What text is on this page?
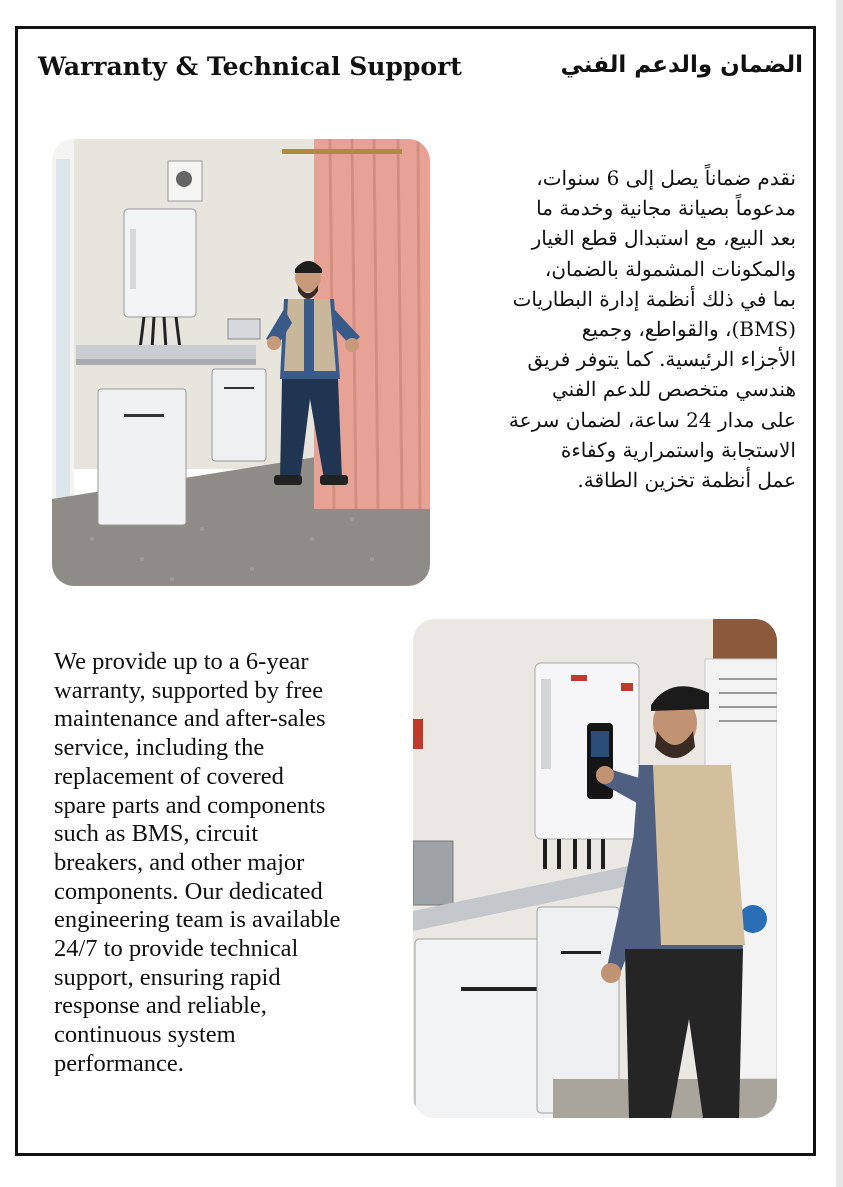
Warranty & Technical Support	الضمان والدعم الفني
نقدم ضماناً يصل إلى 6 سنوات،
مدعوماً بصيانة مجانية وخدمة ما
بعد البيع، مع استبدال قطع الغيار
والمكونات المشمولة بالضمان،
بما في ذلك أنظمة إدارة البطاريات
(BMS)، والقواطع، وجميع
الأجزاء الرئيسية. كما يتوفر فريق
هندسي متخصص للدعم الفني
على مدار 24 ساعة، لضمان سرعة
الاستجابة واستمرارية وكفاءة
عمل أنظمة تخزين الطاقة.
We provide up to a 6-year
warranty, supported by free
maintenance and after-sales
service, including the
replacement of covered
spare parts and components
such as BMS, circuit
breakers, and other major
components. Our dedicated
engineering team is available
24/7 to provide technical
support, ensuring rapid
response and reliable,
continuous system
performance.
